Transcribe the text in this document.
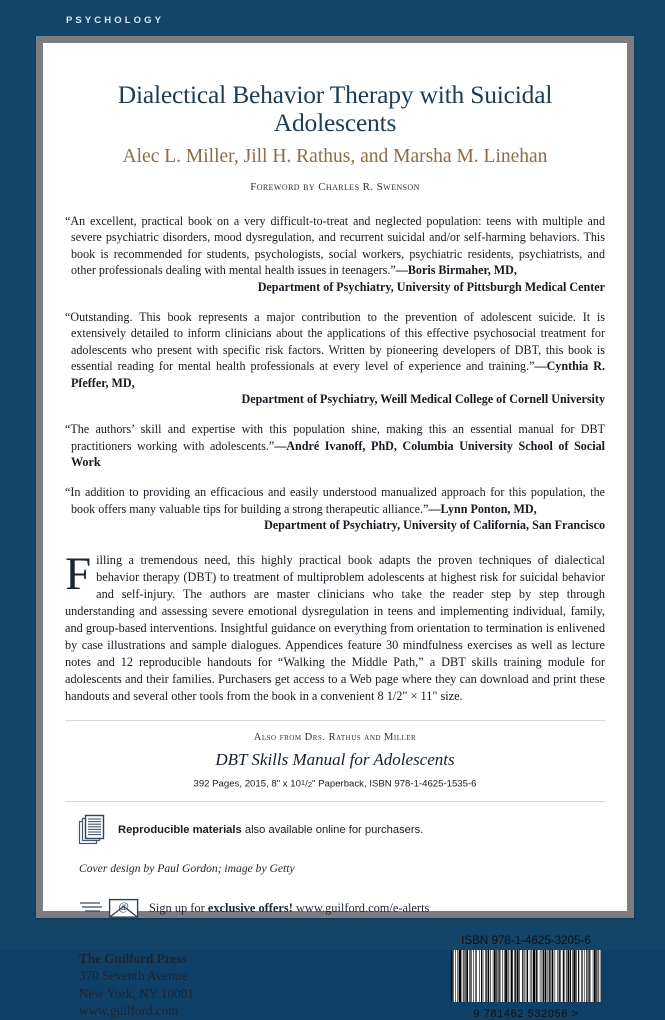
PSYCHOLOGY
Dialectical Behavior Therapy with Suicidal Adolescents
Alec L. Miller, Jill H. Rathus, and Marsha M. Linehan
Foreword by Charles R. Swenson
“An excellent, practical book on a very difficult-to-treat and neglected population: teens with multiple and severe psychiatric disorders, mood dysregulation, and recurrent suicidal and/or self-harming behaviors. This book is recommended for students, psychologists, social workers, psychiatric residents, psychiatrists, and other professionals dealing with mental health issues in teenagers.”—Boris Birmaher, MD,
Department of Psychiatry, University of Pittsburgh Medical Center
“Outstanding. This book represents a major contribution to the prevention of adolescent suicide. It is extensively detailed to inform clinicians about the applications of this effective psychosocial treatment for adolescents who present with specific risk factors. Written by pioneering developers of DBT, this book is essential reading for mental health professionals at every level of experience and training.”—Cynthia R. Pfeffer, MD,
Department of Psychiatry, Weill Medical College of Cornell University
“The authors’ skill and expertise with this population shine, making this an essential manual for DBT practitioners working with adolescents.”—André Ivanoff, PhD, Columbia University School of Social Work
“In addition to providing an efficacious and easily understood manualized approach for this population, the book offers many valuable tips for building a strong therapeutic alliance.”—Lynn Ponton, MD,
Department of Psychiatry, University of California, San Francisco
Filling a tremendous need, this highly practical book adapts the proven techniques of dialectical behavior therapy (DBT) to treatment of multiproblem adolescents at highest risk for suicidal behavior and self-injury. The authors are master clinicians who take the reader step by step through understanding and assessing severe emotional dysregulation in teens and implementing individual, family, and group-based interventions. Insightful guidance on everything from orientation to termination is enlivened by case illustrations and sample dialogues. Appendices feature 30 mindfulness exercises as well as lecture notes and 12 reproducible handouts for “Walking the Middle Path,” a DBT skills training module for adolescents and their families. Purchasers get access to a Web page where they can download and print these handouts and several other tools from the book in a convenient 8 1/2" × 11" size.
Also from Drs. Rathus and Miller
DBT Skills Manual for Adolescents
392 Pages, 2015, 8" x 101/2" Paperback, ISBN 978-1-4625-1535-6
Reproducible materials also available online for purchasers.
Cover design by Paul Gordon; image by Getty
@ Sign up for exclusive offers! www.guilford.com/e-alerts
The Guilford Press
370 Seventh Avenue
New York, NY 10001
www.guilford.com
ISBN 978-1-4625-3205-6
9 781462 532056 >
